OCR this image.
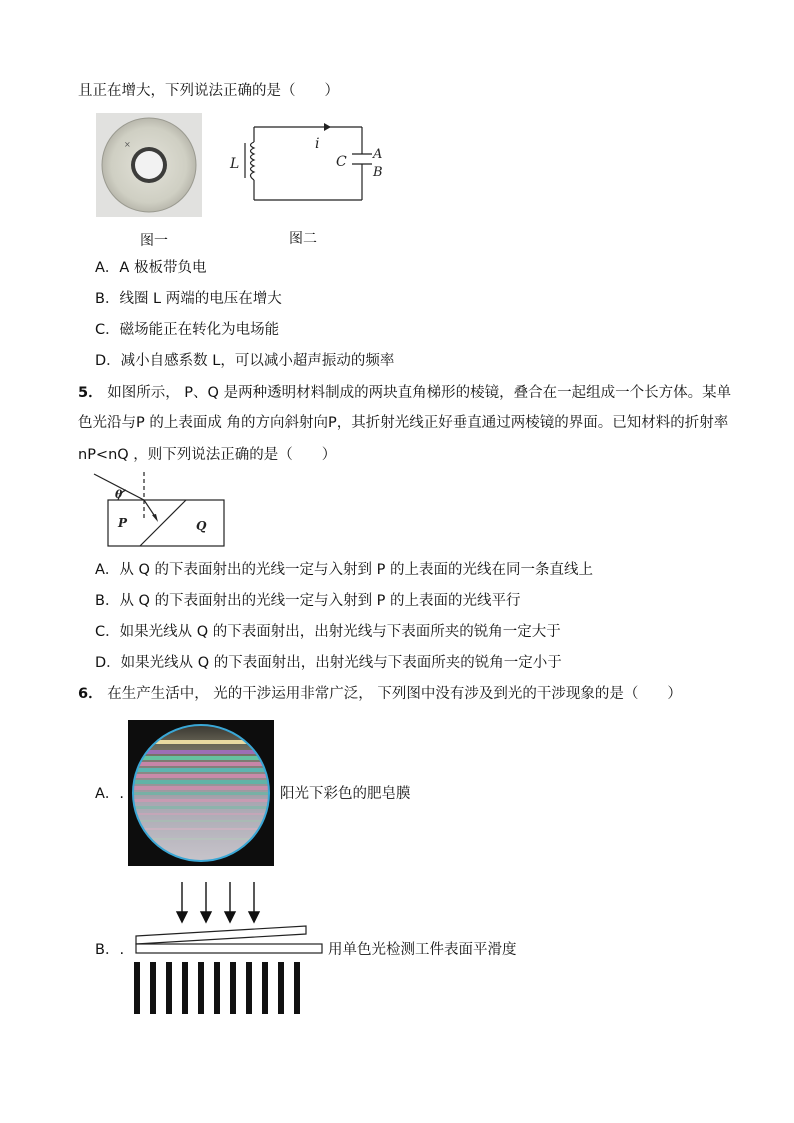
且正在增大，下列说法正确的是（　　）
×
图一
i
L	C A
B
图二
A．A 极板带负电
B．线圈 L 两端的电压在增大
C．磁场能正在转化为电场能
D．减小自感系数 L，可以减小超声振动的频率
5． 如图所示， P、Q 是两种透明材料制成的两块直角梯形的棱镜，叠合在一起组成一个长方体。某单
色光沿与P 的上表面成 角的方向斜射向P，其折射光线正好垂直通过两棱镜的界面。已知材料的折射率
nP<nQ ，则下列说法正确的是（　　）
θ
P	Q
A．从 Q 的下表面射出的光线一定与入射到 P 的上表面的光线在同一条直线上
B．从 Q 的下表面射出的光线一定与入射到 P 的上表面的光线平行
C．如果光线从 Q 的下表面射出，出射光线与下表面所夹的锐角一定大于
D．如果光线从 Q 的下表面射出，出射光线与下表面所夹的锐角一定小于
6． 在生产生活中， 光的干涉运用非常广泛， 下列图中没有涉及到光的干涉现象的是（　　）
A．.	阳光下彩色的肥皂膜
B．.	用单色光检测工件表面平滑度
